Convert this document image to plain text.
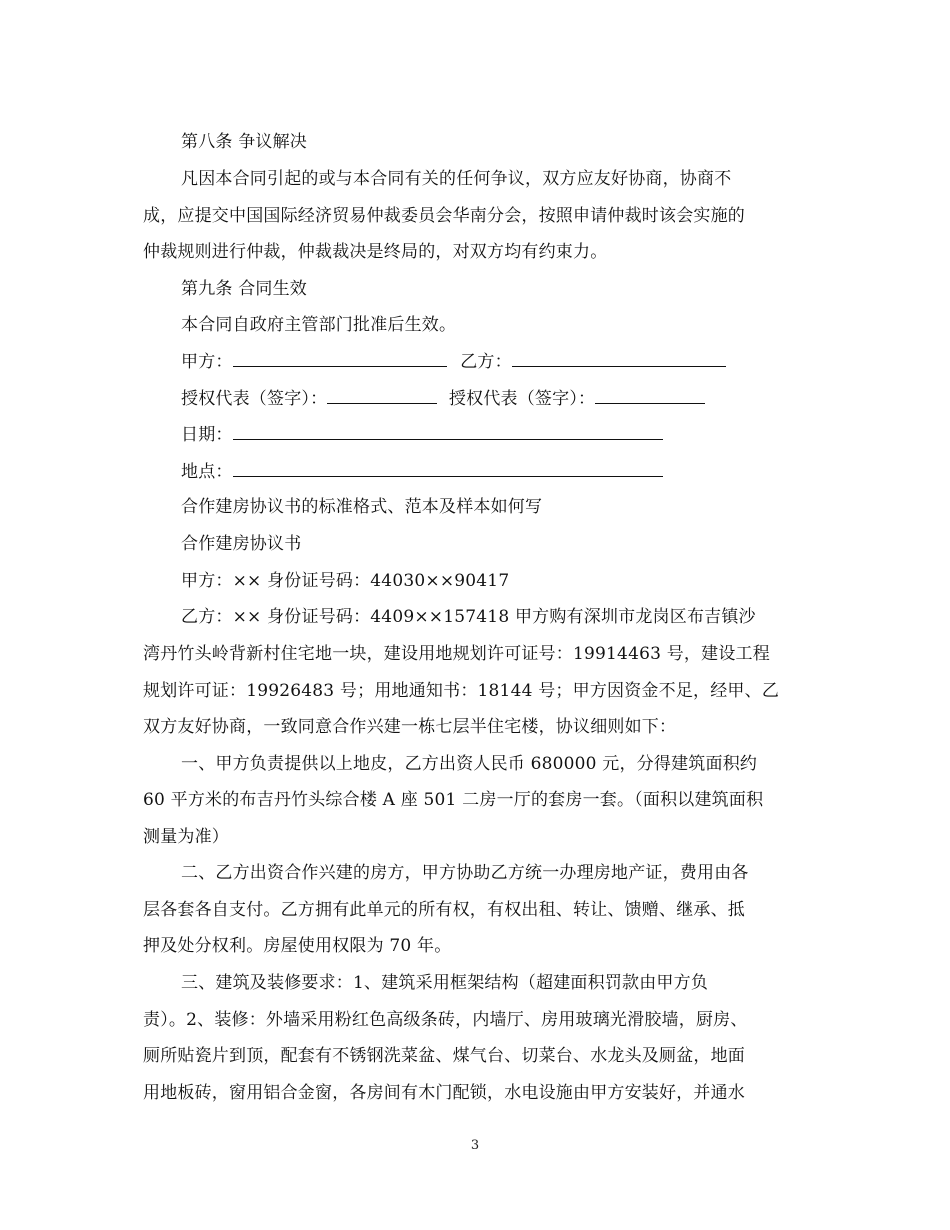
第八条 争议解决
凡因本合同引起的或与本合同有关的任何争议，双方应友好协商，协商不
成，应提交中国国际经济贸易仲裁委员会华南分会，按照申请仲裁时该会实施的
仲裁规则进行仲裁，仲裁裁决是终局的，对双方均有约束力。
第九条 合同生效
本合同自政府主管部门批准后生效。
甲方：	乙方：
授权代表（签字）：	授权代表（签字）：
日期：
地点：
合作建房协议书的标准格式、范本及样本如何写
合作建房协议书
甲方：×× 身份证号码：44030××90417
乙方：×× 身份证号码：4409××157418 甲方购有深圳市龙岗区布吉镇沙
湾丹竹头岭背新村住宅地一块，建设用地规划许可证号：19914463 号，建设工程
规划许可证：19926483 号；用地通知书：18144 号；甲方因资金不足，经甲、乙
双方友好协商，一致同意合作兴建一栋七层半住宅楼，协议细则如下：
一、甲方负责提供以上地皮，乙方出资人民币 680000 元，分得建筑面积约
60 平方米的布吉丹竹头综合楼 A 座 501 二房一厅的套房一套。（面积以建筑面积
测量为准）
二、乙方出资合作兴建的房方，甲方协助乙方统一办理房地产证，费用由各
层各套各自支付。乙方拥有此单元的所有权，有权出租、转让、馈赠、继承、抵
押及处分权利。房屋使用权限为 70 年。
三、建筑及装修要求：1、建筑采用框架结构（超建面积罚款由甲方负
责）。2、装修：外墙采用粉红色高级条砖，内墙厅、房用玻璃光滑胶墙，厨房、
厕所贴瓷片到顶，配套有不锈钢洗菜盆、煤气台、切菜台、水龙头及厕盆，地面
用地板砖，窗用铝合金窗，各房间有木门配锁，水电设施由甲方安装好，并通水
3
